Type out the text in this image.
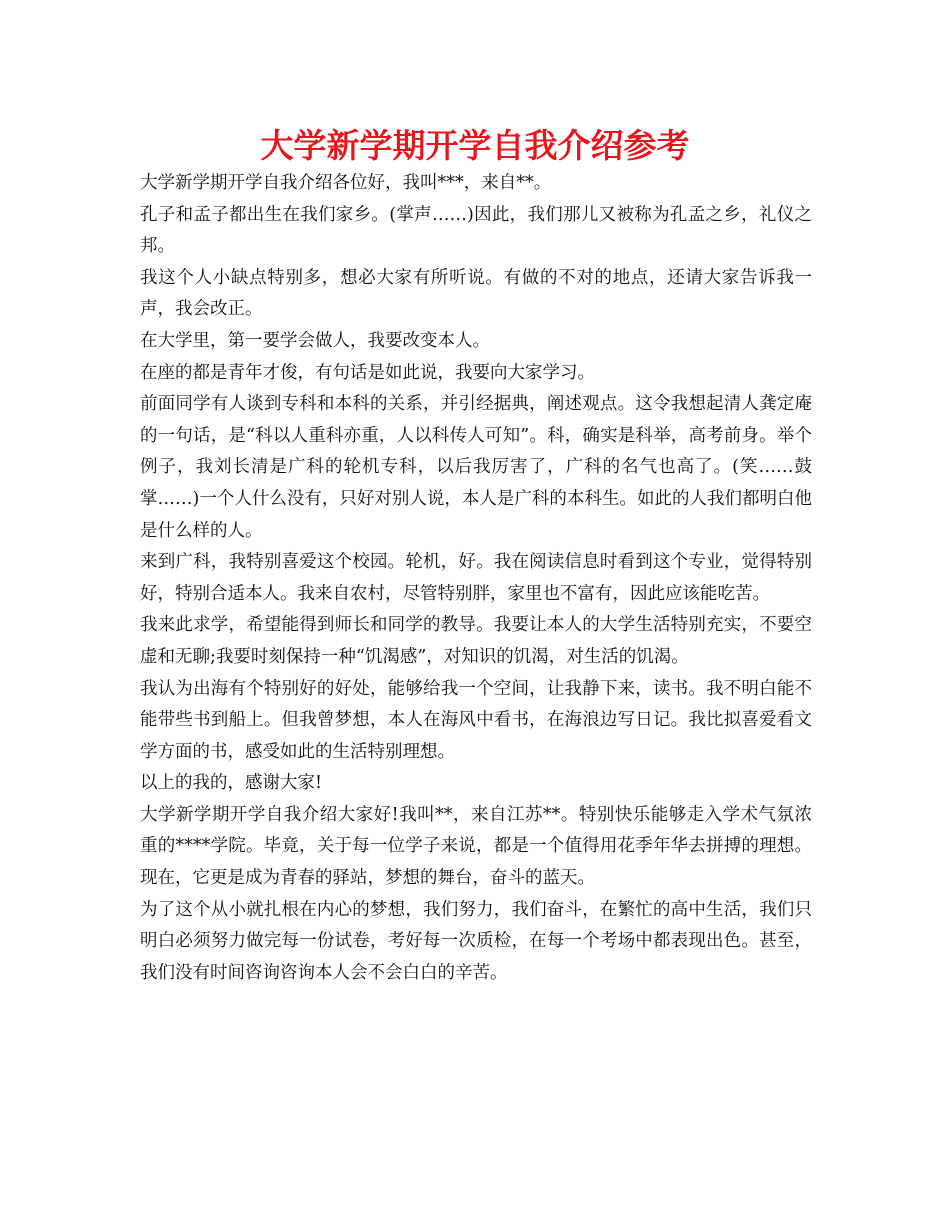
大学新学期开学自我介绍参考

大学新学期开学自我介绍各位好，我叫***，来自**。

孔子和孟子都出生在我们家乡。(掌声……)因此，我们那儿又被称为孔孟之乡，礼仪之邦。

我这个人小缺点特别多，想必大家有所听说。有做的不对的地点，还请大家告诉我一声，我会改正。

在大学里，第一要学会做人，我要改变本人。

在座的都是青年才俊，有句话是如此说，我要向大家学习。

前面同学有人谈到专科和本科的关系，并引经据典，阐述观点。这令我想起清人龚定庵的一句话，是“科以人重科亦重，人以科传人可知”。科，确实是科举，高考前身。举个例子，我刘长清是广科的轮机专科，以后我厉害了，广科的名气也高了。(笑……鼓掌……)一个人什么没有，只好对别人说，本人是广科的本科生。如此的人我们都明白他是什么样的人。

来到广科，我特别喜爱这个校园。轮机，好。我在阅读信息时看到这个专业，觉得特别好，特别合适本人。我来自农村，尽管特别胖，家里也不富有，因此应该能吃苦。

我来此求学，希望能得到师长和同学的教导。我要让本人的大学生活特别充实，不要空虚和无聊;我要时刻保持一种“饥渴感”，对知识的饥渴，对生活的饥渴。

我认为出海有个特别好的好处，能够给我一个空间，让我静下来，读书。我不明白能不能带些书到船上。但我曾梦想，本人在海风中看书，在海浪边写日记。我比拟喜爱看文学方面的书，感受如此的生活特别理想。

以上的我的，感谢大家!

大学新学期开学自我介绍大家好!我叫**，来自江苏**。特别快乐能够走入学术气氛浓重的****学院。毕竟，关于每一位学子来说，都是一个值得用花季年华去拼搏的理想。现在，它更是成为青春的驿站，梦想的舞台，奋斗的蓝天。

为了这个从小就扎根在内心的梦想，我们努力，我们奋斗，在繁忙的高中生活，我们只明白必须努力做完每一份试卷，考好每一次质检，在每一个考场中都表现出色。甚至，我们没有时间咨询咨询本人会不会白白的辛苦。
